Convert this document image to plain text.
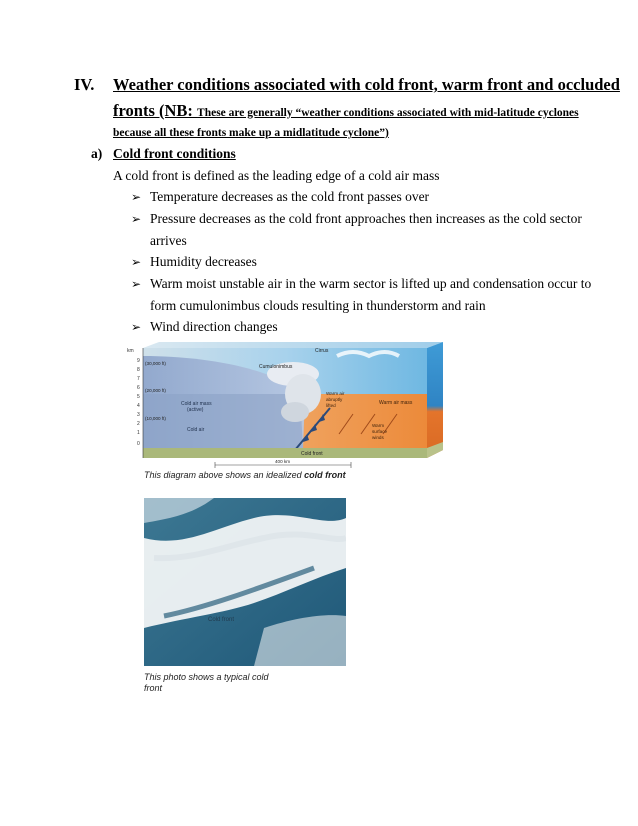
IV. Weather conditions associated with cold front, warm front and occluded
fronts (NB: These are generally “weather conditions associated with mid-latitude cyclones
because all these fronts make up a midlatitude cyclone”)
a) Cold front conditions
A cold front is defined as the leading edge of a cold air mass
➢ Temperature decreases as the cold front passes over
➢ Pressure decreases as the cold front approaches then increases as the cold sector
arrives
➢ Humidity decreases
➢ Warm moist unstable air in the warm sector is lifted up and condensation occur to
form cumulonimbus clouds resulting in thunderstorm and rain
➢ Wind direction changes
km
9
8
7
6
5
4
3
2
1
0
(30,000 ft)
(20,000 ft)
(10,000 ft)
Cirrus
Cumulonimbus
Cold air mass
(active)
Cold air
Warm air
abruptly
lifted	Warm air mass
Warm
surface
winds
Cold front
400 km
This diagram above shows an idealized cold front
Cold front
This photo shows a typical cold
front
